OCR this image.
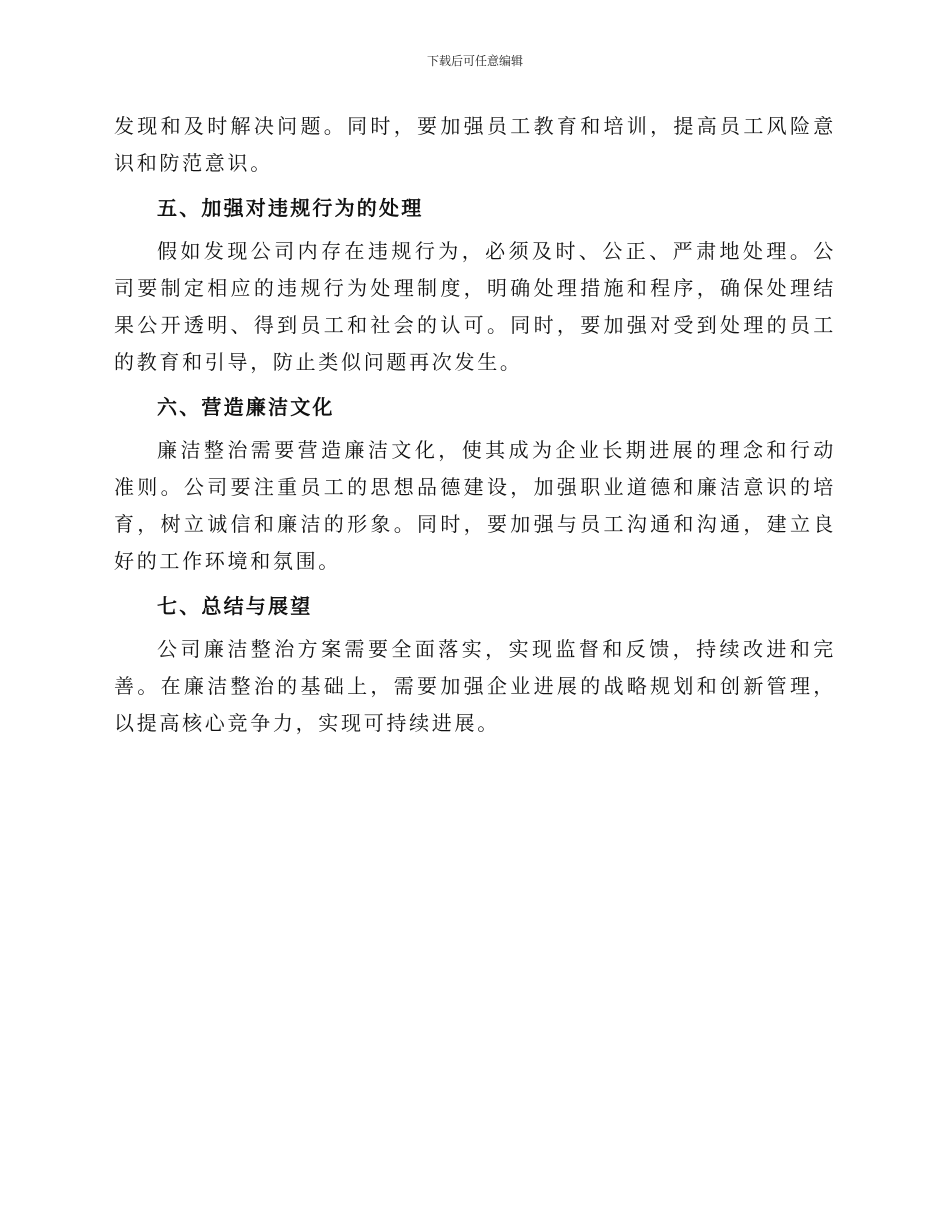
下载后可任意编辑

发现和及时解决问题。同时，要加强员工教育和培训，提高员工风险意识和防范意识。

五、加强对违规行为的处理

假如发现公司内存在违规行为，必须及时、公正、严肃地处理。公司要制定相应的违规行为处理制度，明确处理措施和程序，确保处理结果公开透明、得到员工和社会的认可。同时，要加强对受到处理的员工的教育和引导，防止类似问题再次发生。

六、营造廉洁文化

廉洁整治需要营造廉洁文化，使其成为企业长期进展的理念和行动准则。公司要注重员工的思想品德建设，加强职业道德和廉洁意识的培育，树立诚信和廉洁的形象。同时，要加强与员工沟通和沟通，建立良好的工作环境和氛围。

七、总结与展望

公司廉洁整治方案需要全面落实，实现监督和反馈，持续改进和完善。在廉洁整治的基础上，需要加强企业进展的战略规划和创新管理，以提高核心竞争力，实现可持续进展。
